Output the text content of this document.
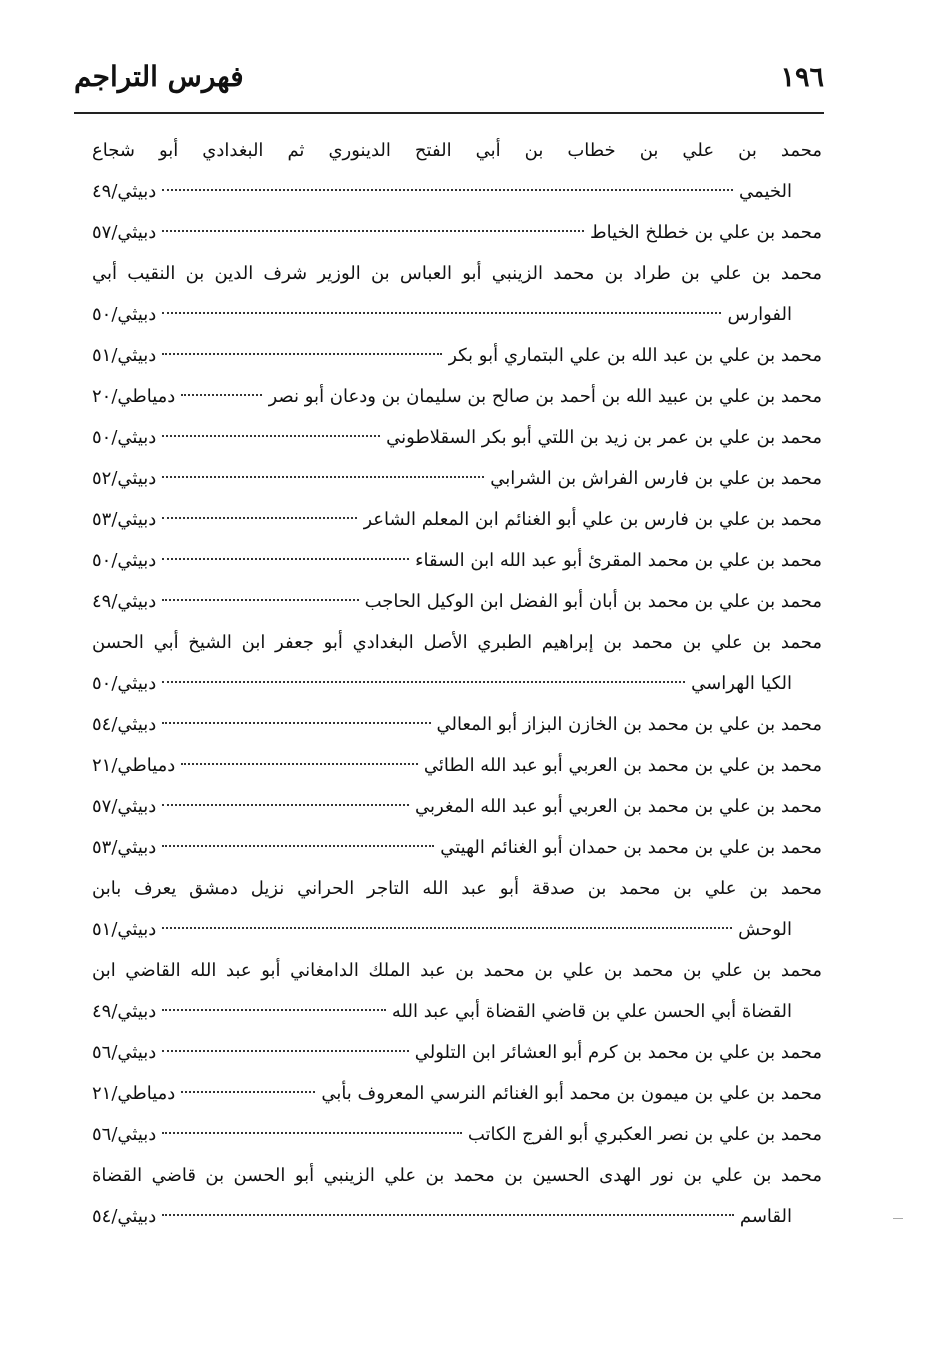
١٩٦
فهرس التراجم
محمد بن علي بن خطاب بن أبي الفتح الدينوري ثم البغدادي أبو شجاع
الخيمي
دبيثي/٤٩
محمد بن علي بن خطلخ الخياط
دبيثي/٥٧
محمد بن علي بن طراد بن محمد الزينبي أبو العباس بن الوزير شرف الدين بن النقيب أبي
الفوارس
دبيثي/٥٠
محمد بن علي بن عبد الله بن علي البتماري أبو بكر
دبيثي/٥١
محمد بن علي بن عبيد الله بن أحمد بن صالح بن سليمان بن ودعان أبو نصر
دمياطي/٢٠
محمد بن علي بن عمر بن زيد بن اللتي أبو بكر السقلاطوني
دبيثي/٥٠
محمد بن علي بن فارس الفراش بن الشرابي
دبيثي/٥٢
محمد بن علي بن فارس بن علي أبو الغنائم ابن المعلم الشاعر
دبيثي/٥٣
محمد بن علي بن محمد المقرئ أبو عبد الله ابن السقاء
دبيثي/٥٠
محمد بن علي بن محمد بن أبان أبو الفضل ابن الوكيل الحاجب
دبيثي/٤٩
محمد بن علي بن محمد بن إبراهيم الطبري الأصل البغدادي أبو جعفر ابن الشيخ أبي الحسن
الكيا الهراسي
دبيثي/٥٠
محمد بن علي بن محمد بن الخازن البزاز أبو المعالي
دبيثي/٥٤
محمد بن علي بن محمد بن العربي أبو عبد الله الطائي
دمياطي/٢١
محمد بن علي بن محمد بن العربي أبو عبد الله المغربي
دبيثي/٥٧
محمد بن علي بن محمد بن حمدان أبو الغنائم الهيتي
دبيثي/٥٣
محمد بن علي بن محمد بن صدقة أبو عبد الله التاجر الحراني نزيل دمشق يعرف بابن
الوحش
دبيثي/٥١
محمد بن علي بن محمد بن علي بن محمد بن عبد الملك الدامغاني أبو عبد الله القاضي ابن
القضاة أبي الحسن علي بن قاضي القضاة أبي عبد الله
دبيثي/٤٩
محمد بن علي بن محمد بن كرم أبو العشائر ابن التلولي
دبيثي/٥٦
محمد بن علي بن ميمون بن محمد أبو الغنائم النرسي المعروف بأبي
دمياطي/٢١
محمد بن علي بن نصر العكبري أبو الفرج الكاتب
دبيثي/٥٦
محمد بن علي بن نور الهدى الحسين بن محمد بن علي الزينبي أبو الحسن بن قاضي القضاة
القاسم
دبيثي/٥٤
